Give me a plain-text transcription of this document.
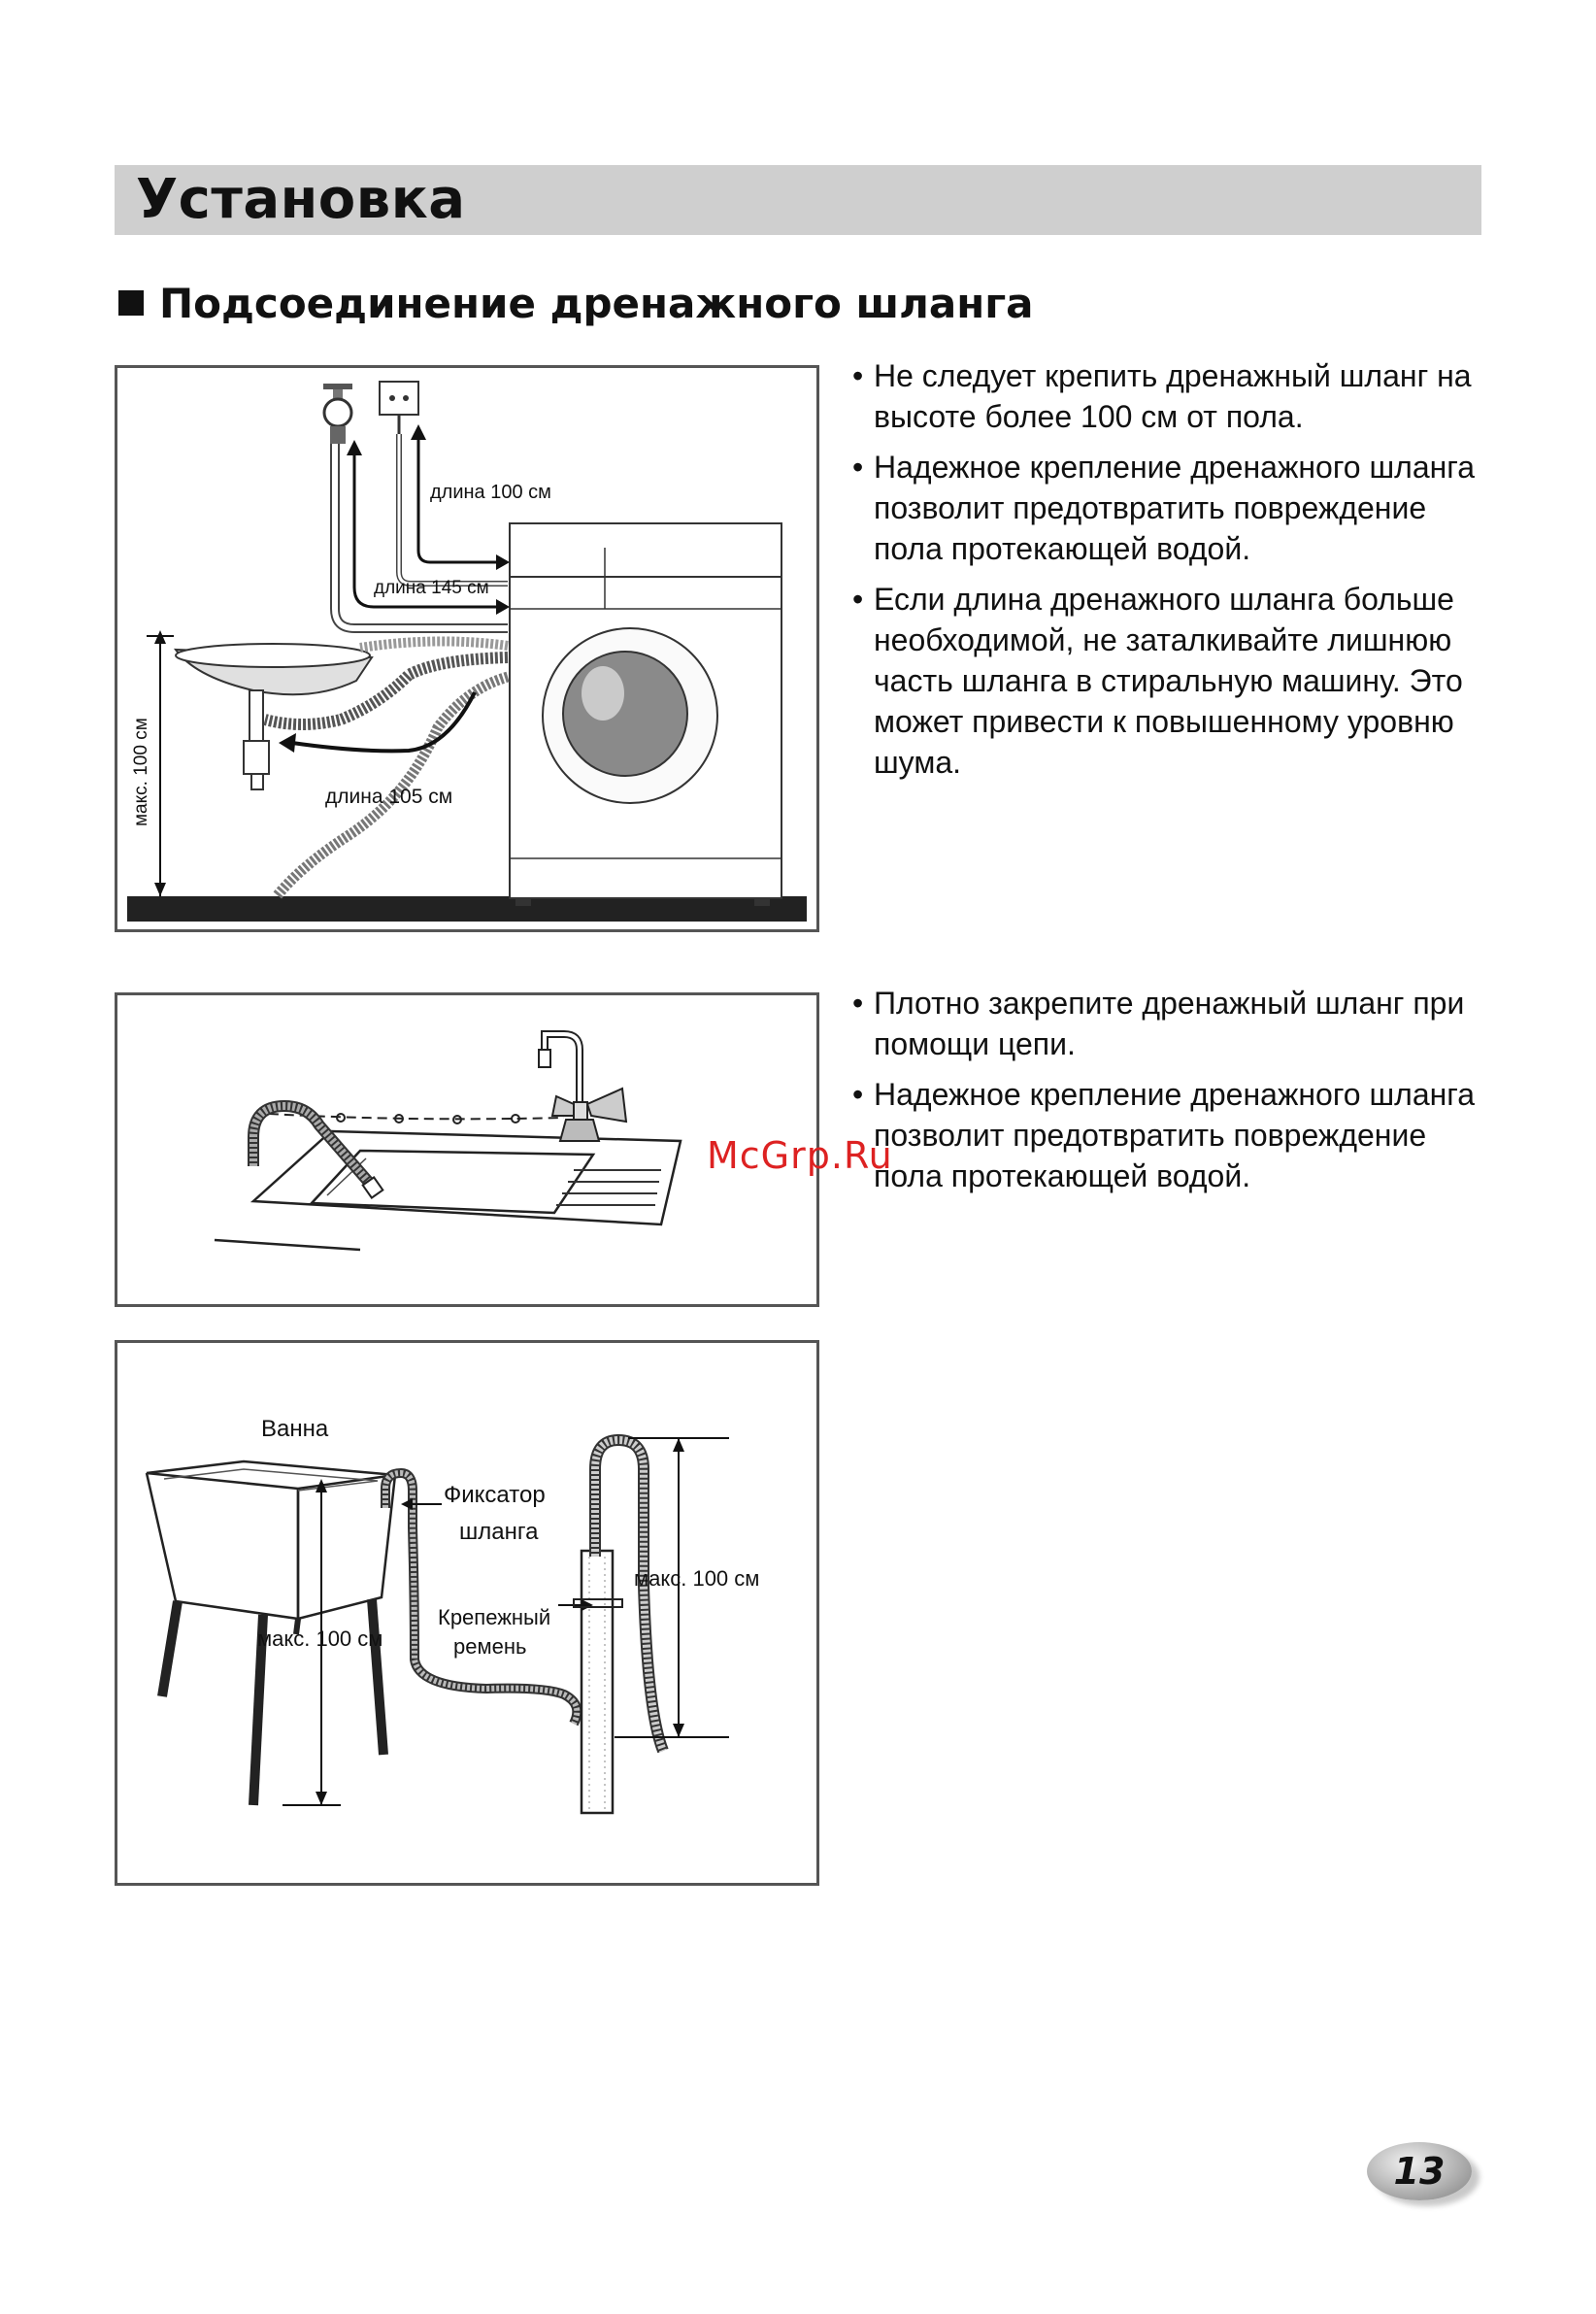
Установка
Подсоединение дренажного шланга
длина 100 см
длина 145 см
длина 105 см
макс. 100 см
• Не следует крепить дренажный шланг на высоте более 100 см от пола.
• Надежное крепление дренажного шланга позволит предотвратить повреждение пола протекающей водой.
• Если длина дренажного шланга больше необходимой, не заталкивайте лишнюю часть шланга в стиральную машину. Это может привести к повышенному уровню шума.
• Плотно закрепите дренажный шланг при помощи цепи.
• Надежное крепление дренажного шланга позволит предотвратить повреждение пола протекающей водой.
McGrp.Ru
Ванна
макс. 100 см
Фиксатор
шланга
Крепежный
ремень
макс. 100 см
13
